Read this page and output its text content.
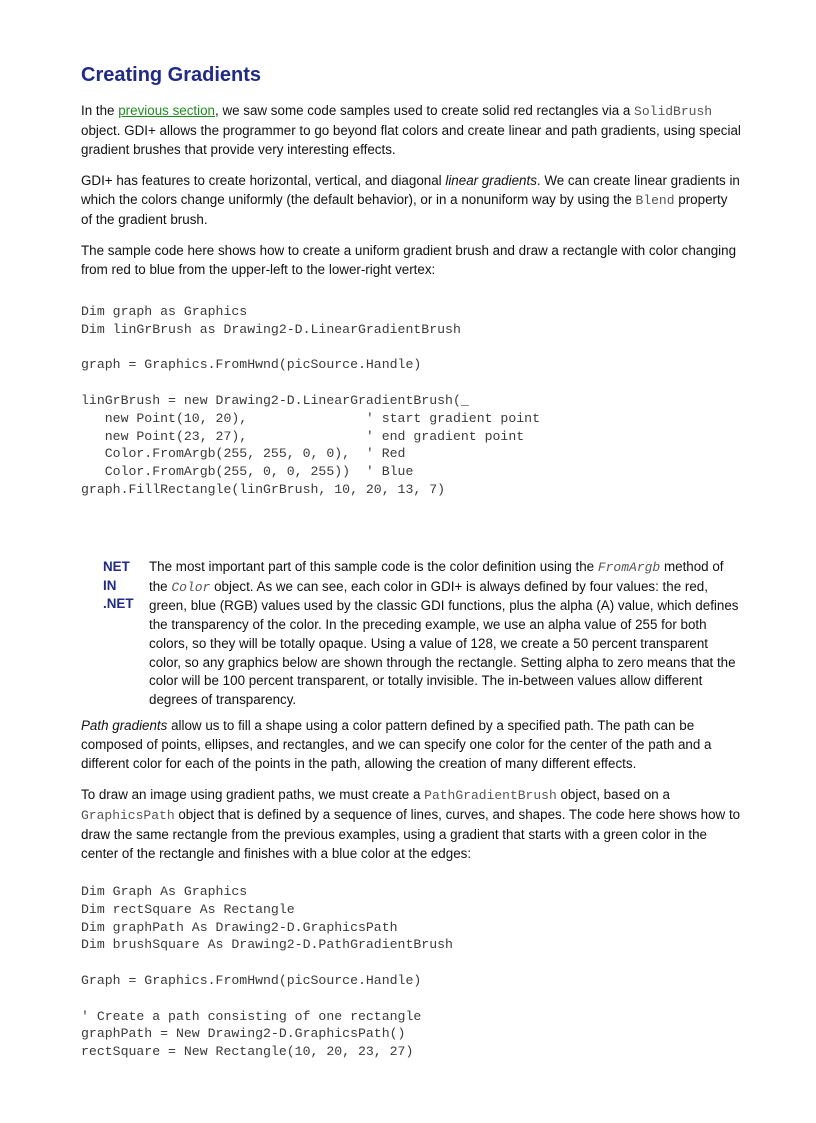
Creating Gradients

In the previous section, we saw some code samples used to create solid red rectangles via a SolidBrush object. GDI+ allows the programmer to go beyond flat colors and create linear and path gradients, using special gradient brushes that provide very interesting effects.

GDI+ has features to create horizontal, vertical, and diagonal linear gradients. We can create linear gradients in which the colors change uniformly (the default behavior), or in a nonuniform way by using the Blend property of the gradient brush.

The sample code here shows how to create a uniform gradient brush and draw a rectangle with color changing from red to blue from the upper-left to the lower-right vertex:

Dim graph as Graphics
Dim linGrBrush as Drawing2-D.LinearGradientBrush

graph = Graphics.FromHwnd(picSource.Handle)

linGrBrush = new Drawing2-D.LinearGradientBrush(_
new Point(10, 20),               ' start gradient point
new Point(23, 27),               ' end gradient point
Color.FromArgb(255, 255, 0, 0),  ' Red
Color.FromArgb(255, 0, 0, 255))  ' Blue
graph.FillRectangle(linGrBrush, 10, 20, 13, 7)
NET
IN
.NET
The most important part of this sample code is the color definition using the FromArgb method of the Color object. As we can see, each color in GDI+ is always defined by four values: the red, green, blue (RGB) values used by the classic GDI functions, plus the alpha (A) value, which defines the transparency of the color. In the preceding example, we use an alpha value of 255 for both colors, so they will be totally opaque. Using a value of 128, we create a 50 percent transparent color, so any graphics below are shown through the rectangle. Setting alpha to zero means that the color will be 100 percent transparent, or totally invisible. The in-between values allow different degrees of transparency.

Path gradients allow us to fill a shape using a color pattern defined by a specified path. The path can be composed of points, ellipses, and rectangles, and we can specify one color for the center of the path and a different color for each of the points in the path, allowing the creation of many different effects.

To draw an image using gradient paths, we must create a PathGradientBrush object, based on a GraphicsPath object that is defined by a sequence of lines, curves, and shapes. The code here shows how to draw the same rectangle from the previous examples, using a gradient that starts with a green color in the center of the rectangle and finishes with a blue color at the edges:

Dim Graph As Graphics
Dim rectSquare As Rectangle
Dim graphPath As Drawing2-D.GraphicsPath
Dim brushSquare As Drawing2-D.PathGradientBrush

Graph = Graphics.FromHwnd(picSource.Handle)

' Create a path consisting of one rectangle
graphPath = New Drawing2-D.GraphicsPath()
rectSquare = New Rectangle(10, 20, 23, 27)
